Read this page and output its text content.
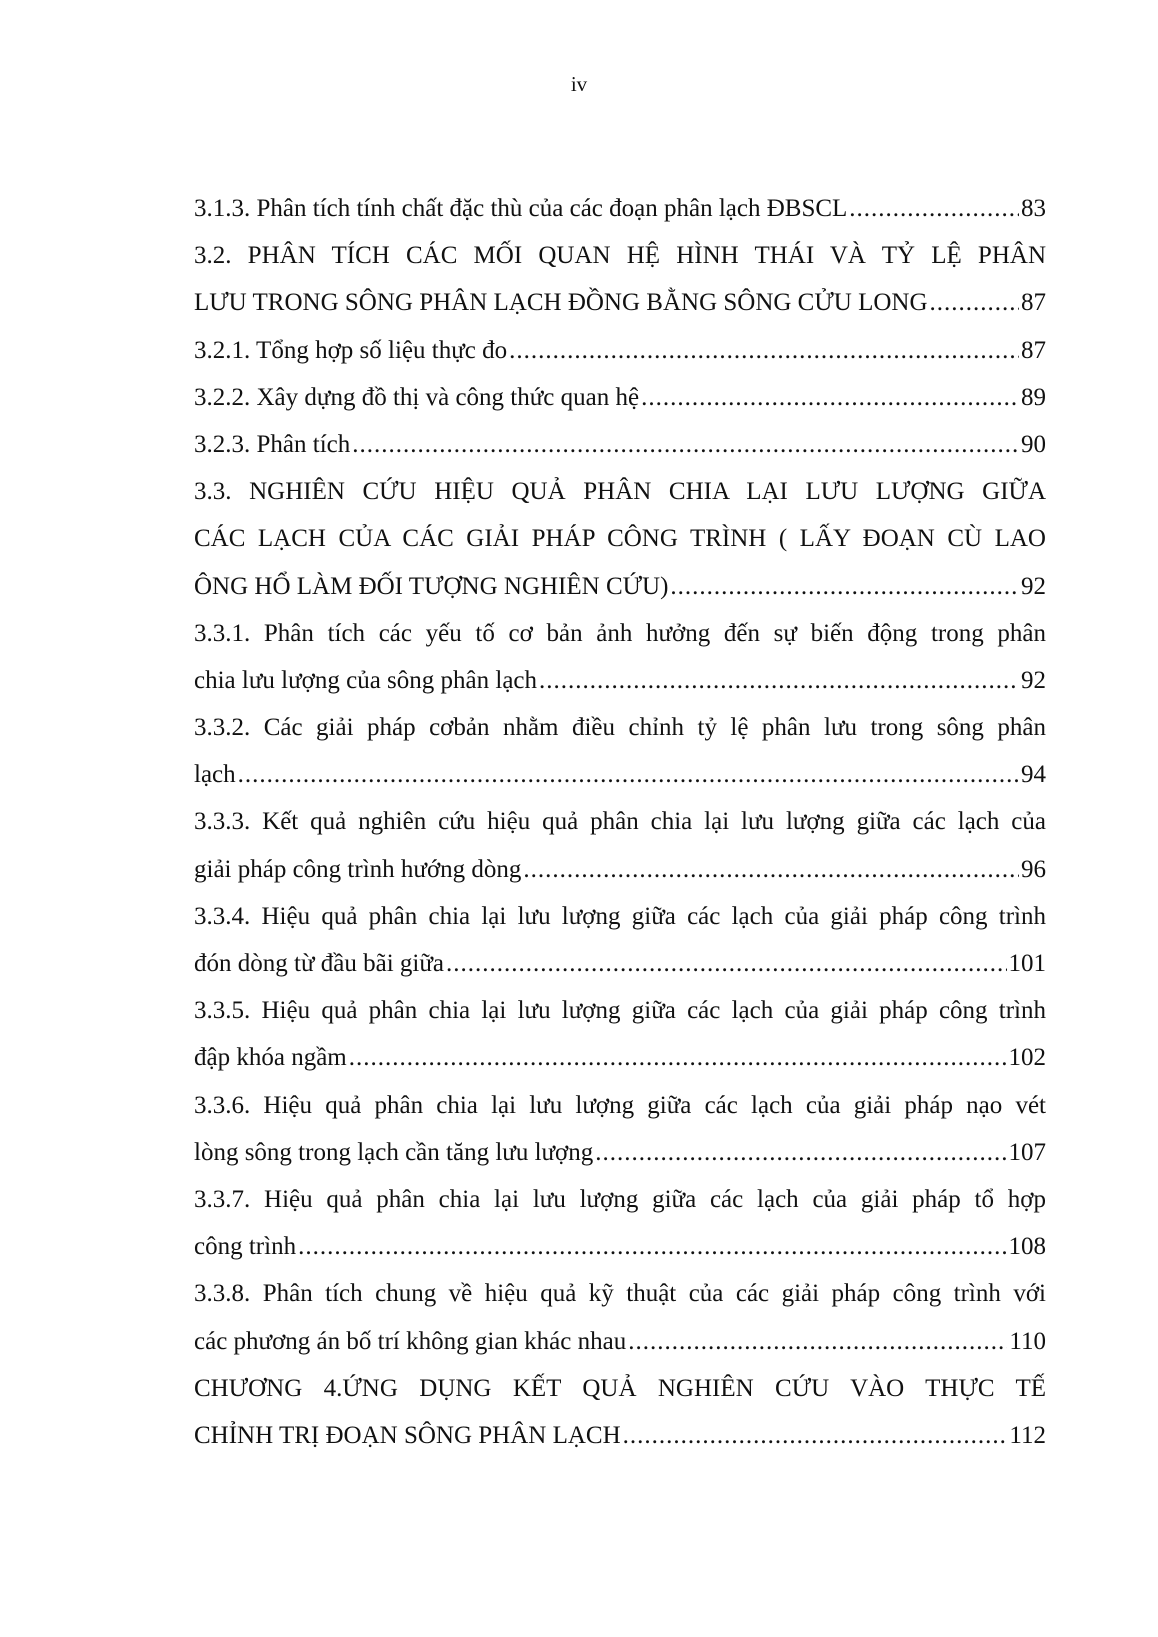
iv
3.1.3. Phân tích tính chất đặc thù của các đoạn phân lạch ĐBSCL .....	83
3.2. PHÂN TÍCH CÁC MỐI QUAN HỆ HÌNH THÁI VÀ TỶ LỆ PHÂN
LƯU TRONG SÔNG PHÂN LẠCH ĐỒNG BẰNG SÔNG CỬU LONG .....	87
3.2.1. Tổng hợp số liệu thực đo .....	87
3.2.2. Xây dựng đồ thị và công thức quan hệ .....	89
3.2.3. Phân tích .....	90
3.3. NGHIÊN CỨU HIỆU QUẢ PHÂN CHIA LẠI LƯU LƯỢNG GIỮA
CÁC LẠCH CỦA CÁC GIẢI PHÁP CÔNG TRÌNH ( LẤY ĐOẠN CÙ LAO
ÔNG HỔ LÀM ĐỐI TƯỢNG NGHIÊN CỨU) .....	92
3.3.1. Phân tích các yếu tố cơ bản ảnh hưởng đến sự biến động trong phân
chia lưu lượng của sông phân lạch .....	92
3.3.2. Các giải pháp cơbản nhằm điều chỉnh tỷ lệ phân lưu trong sông phân
lạch .....	94
3.3.3. Kết quả nghiên cứu hiệu quả phân chia lại lưu lượng giữa các lạch của
giải pháp công trình hướng dòng .....	96
3.3.4. Hiệu quả phân chia lại lưu lượng giữa các lạch của giải pháp công trình
đón dòng từ đầu bãi giữa .....	101
3.3.5. Hiệu quả phân chia lại lưu lượng giữa các lạch của giải pháp công trình
đập khóa ngầm .....	102
3.3.6. Hiệu quả phân chia lại lưu lượng giữa các lạch của giải pháp nạo vét
lòng sông trong lạch cần tăng lưu lượng .....	107
3.3.7. Hiệu quả phân chia lại lưu lượng giữa các lạch của giải pháp tổ hợp
công trình .....	108
3.3.8. Phân tích chung về hiệu quả kỹ thuật của các giải pháp công trình với
các phương án bố trí không gian khác nhau .....	110
CHƯƠNG 4.ỨNG DỤNG KẾT QUẢ NGHIÊN CỨU VÀO THỰC TẾ
CHỈNH TRỊ ĐOẠN SÔNG PHÂN LẠCH .....	112
